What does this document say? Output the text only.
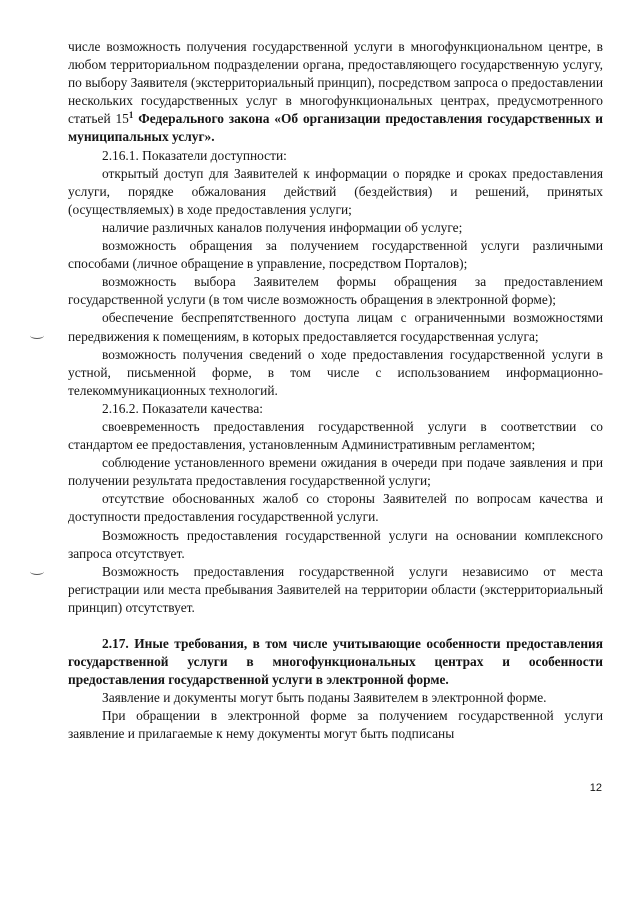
числе возможность получения государственной услуги в многофункциональном центре, в любом территориальном подразделении органа, предоставляющего государственную услугу, по выбору Заявителя (экстерриториальный принцип), посредством запроса о предоставлении нескольких государственных услуг в многофункциональных центрах, предусмотренного статьей $15^1$ Федерального закона «Об организации предоставления государственных и муниципальных услуг».

2.16.1. Показатели доступности:

открытый доступ для Заявителей к информации о порядке и сроках предоставления услуги, порядке обжалования действий (бездействия) и решений, принятых (осуществляемых) в ходе предоставления услуги;

наличие различных каналов получения информации об услуге;

возможность обращения за получением государственной услуги различными способами (личное обращение в управление, посредством Порталов);

возможность выбора Заявителем формы обращения за предоставлением государственной услуги (в том числе возможность обращения в электронной форме);

обеспечение беспрепятственного доступа лицам с ограниченными возможностями передвижения к помещениям, в которых предоставляется государственная услуга;

возможность получения сведений о ходе предоставления государственной услуги в устной, письменной форме, в том числе с использованием информационно-телекоммуникационных технологий.

2.16.2. Показатели качества:

своевременность предоставления государственной услуги в соответствии со стандартом ее предоставления, установленным Административным регламентом;

соблюдение установленного времени ожидания в очереди при подаче заявления и при получении результата предоставления государственной услуги;

отсутствие обоснованных жалоб со стороны Заявителей по вопросам качества и доступности предоставления государственной услуги.

Возможность предоставления государственной услуги на основании комплексного запроса отсутствует.

Возможность предоставления государственной услуги независимо от места регистрации или места пребывания Заявителей на территории области (экстерриториальный принцип) отсутствует.

2.17. Иные требования, в том числе учитывающие особенности предоставления государственной услуги в многофункциональных центрах и особенности предоставления государственной услуги в электронной форме.

Заявление и документы могут быть поданы Заявителем в электронной форме.

При обращении в электронной форме за получением государственной услуги заявление и прилагаемые к нему документы могут быть подписаны

12
